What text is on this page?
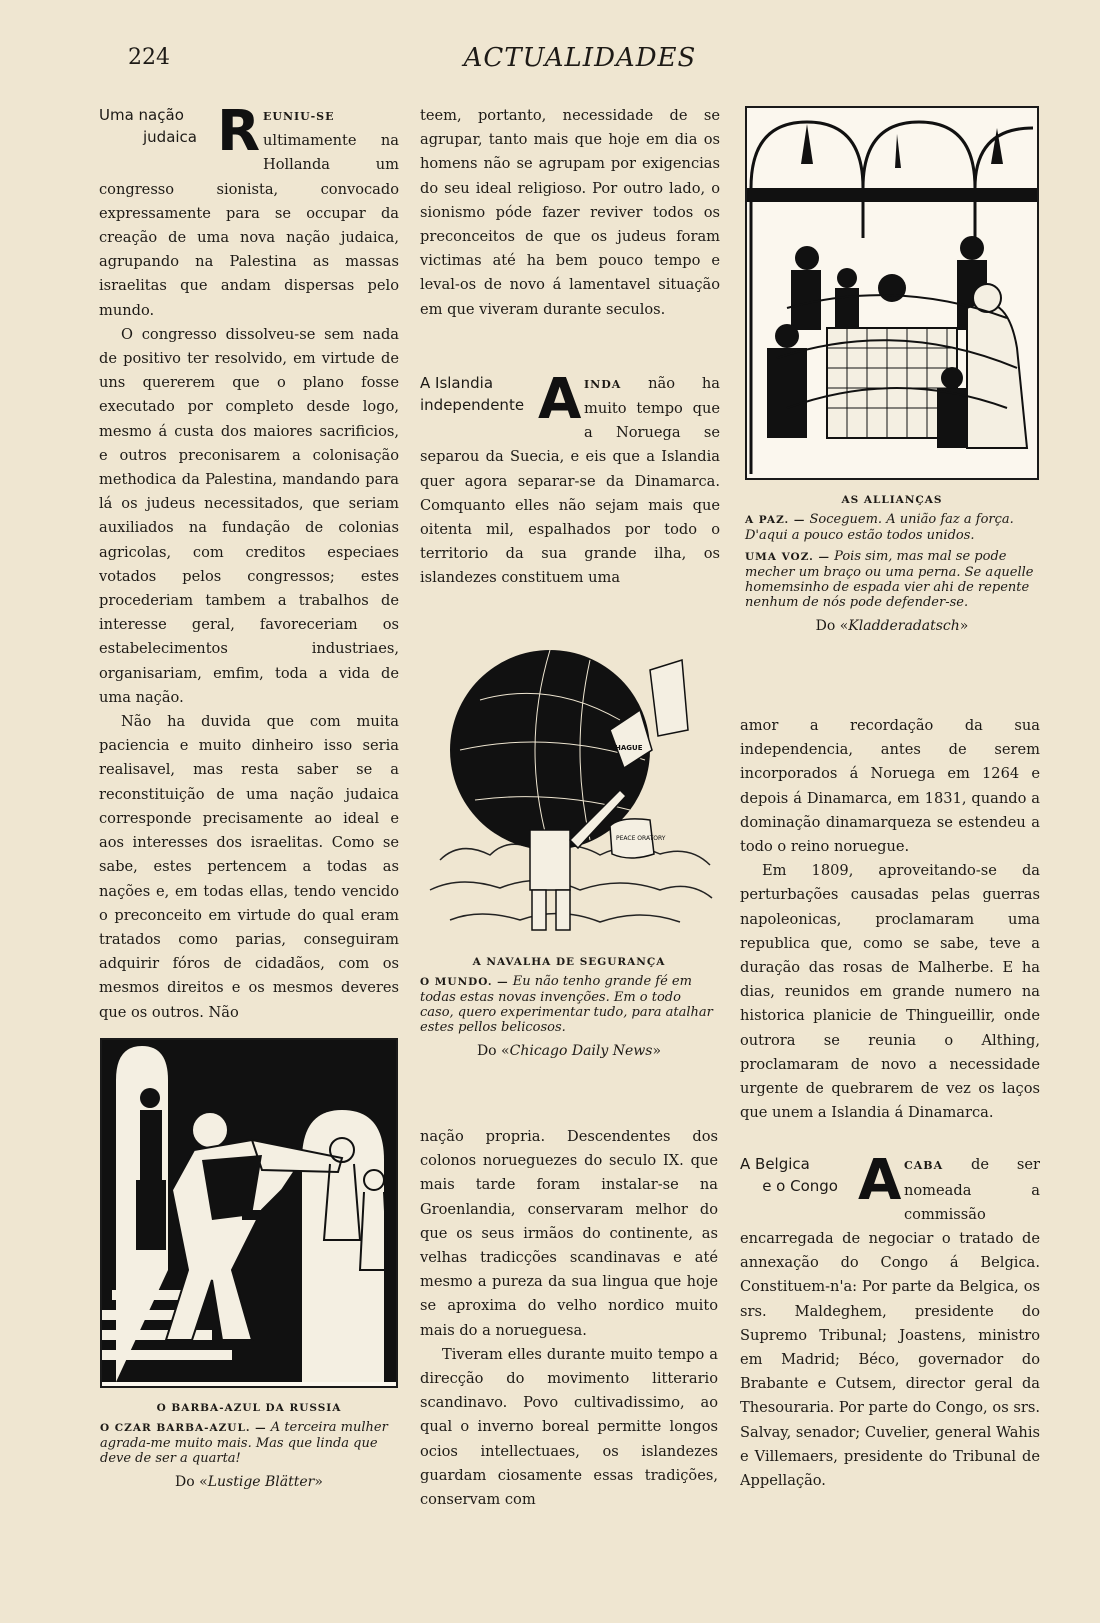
224	ACTUALIDADES
Uma nação
judaica R EUNIU-SE ultimamente na Hollanda um congresso sionista, convocado expressamente para se occupar da creação de uma nova nação judaica, agrupando na Palestina as massas israelitas que andam dispersas pelo mundo.

O congresso dissolveu-se sem nada de positivo ter resolvido, em virtude de uns quererem que o plano fosse executado por completo desde logo, mesmo á custa dos maiores sacrificios, e outros preconisarem a colonisação methodica da Palestina, mandando para lá os judeus necessitados, que seriam auxiliados na fundação de colonias agricolas, com creditos especiaes votados pelos congressos; estes procederiam tambem a trabalhos de interesse geral, favoreceriam os estabelecimentos industriaes, organisariam, emfim, toda a vida de uma nação.

Não ha duvida que com muita paciencia e muito dinheiro isso seria realisavel, mas resta saber se a reconstituição de uma nação judaica corresponde precisamente ao ideal e aos interesses dos israelitas. Como se sabe, estes pertencem a todas as nações e, em todas ellas, tendo vencido o preconceito em virtude do qual eram tratados como parias, conseguiram adquirir fóros de cidadãos, com os mesmos direitos e os mesmos deveres que os outros. Não

O BARBA-AZUL DA RUSSIA
O CZAR BARBA-AZUL. — A terceira mulher agrada-me muito mais. Mas que linda que deve de ser a quarta!
Do «Lustige Blätter»

teem, portanto, necessidade de se agrupar, tanto mais que hoje em dia os homens não se agrupam por exigencias do seu ideal religioso. Por outro lado, o sionismo póde fazer reviver todos os preconceitos de que os judeus foram victimas até ha bem pouco tempo e leval-os de novo á lamentavel situação em que viveram durante seculos.

A Islandia
independente A INDA não ha muito tempo que a Noruega se separou da Suecia, e eis que a Islandia quer agora separar-se da Dinamarca. Comquanto elles não sejam mais que oitenta mil, espalhados por todo o territorio da sua grande ilha, os islandezes constituem uma

HAGUE
PEACE ORATORY
A NAVALHA DE SEGURANÇA
O MUNDO. — Eu não tenho grande fé em todas estas novas invenções. Em o todo caso, quero experimentar tudo, para atalhar estes pellos belicosos.
Do «Chicago Daily News»

nação propria. Descendentes dos colonos norueguezes do seculo IX. que mais tarde foram instalar-se na Groenlandia, conservaram melhor do que os seus irmãos do continente, as velhas tradicções scandinavas e até mesmo a pureza da sua lingua que hoje se aproxima do velho nordico muito mais do a norueguesa.

Tiveram elles durante muito tempo a direcção do movimento litterario scandinavo. Povo cultivadissimo, ao qual o inverno boreal permitte longos ocios intellectuaes, os islandezes guardam ciosamente essas tradições, conservam com

AS ALLIANÇAS
A PAZ. — Soceguem. A união faz a força. D'aqui a pouco estão todos unidos.
UMA VOZ. — Pois sim, mas mal se pode mecher um braço ou uma perna. Se aquelle homemsinho de espada vier ahi de repente nenhum de nós pode defender-se.
Do «Kladderadatsch»

amor a recordação da sua independencia, antes de serem incorporados á Noruega em 1264 e depois á Dinamarca, em 1831, quando a dominação dinamarqueza se estendeu a todo o reino noruegue.

Em 1809, aproveitando-se da perturbações causadas pelas guerras napoleonicas, proclamaram uma republica que, como se sabe, teve a duração das rosas de Malherbe. E ha dias, reunidos em grande numero na historica planicie de Thingueillir, onde outrora se reunia o Althing, proclamaram de novo a necessidade urgente de quebrarem de vez os laços que unem a Islandia á Dinamarca.

A Belgica
e o Congo A CABA de ser nomeada a commissão encarregada de negociar o tratado de annexação do Congo á Belgica. Constituem-n'a: Por parte da Belgica, os srs. Maldeghem, presidente do Supremo Tribunal; Joastens, ministro em Madrid; Béco, governador do Brabante e Cutsem, director geral da Thesouraria. Por parte do Congo, os srs. Salvay, senador; Cuvelier, general Wahis e Villemaers, presidente do Tribunal de Appellação.
